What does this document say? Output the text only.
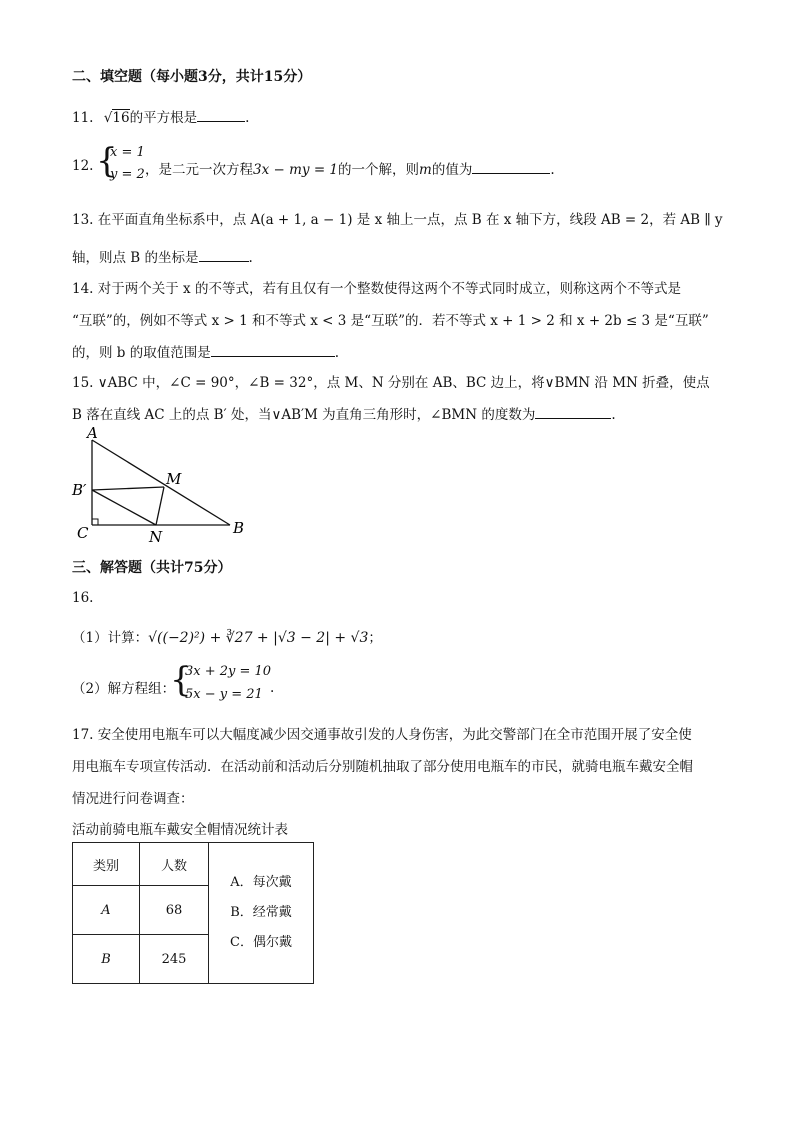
二、填空题（每小题3分，共计15分）
11. √16的平方根是	.
12. {
x = 1
y = 2 ，是二元一次方程3x − my = 1的一个解，则m的值为	.
13. 在平面直角坐标系中，点 A(a + 1, a − 1) 是 x 轴上一点，点 B 在 x 轴下方，线段 AB = 2，若 AB ∥ y
轴，则点 B 的坐标是	.
14. 对于两个关于 x 的不等式，若有且仅有一个整数使得这两个不等式同时成立，则称这两个不等式是
“互联”的，例如不等式 x > 1 和不等式 x < 3 是“互联”的．若不等式 x + 1 > 2 和 x + 2b ≤ 3 是“互联”
的，则 b 的取值范围是	.
15. ∨ABC 中，∠C = 90°，∠B = 32°，点 M、N 分别在 AB、BC 边上，将∨BMN 沿 MN 折叠，使点
B 落在直线 AC 上的点 B′ 处，当∨AB′M 为直角三角形时，∠BMN 的度数为	.
A
B′
M
C	N	B
三、解答题（共计75分）
16.
（1）计算：√((−2)²) + ∛27 + |√3 − 2| + √3；
（2）解方程组：
{
3x + 2y = 10
5x − y = 21 .
17. 安全使用电瓶车可以大幅度减少因交通事故引发的人身伤害，为此交警部门在全市范围开展了安全使
用电瓶车专项宣传活动．在活动前和活动后分别随机抽取了部分使用电瓶车的市民，就骑电瓶车戴安全帽
情况进行问卷调查：
活动前骑电瓶车戴安全帽情况统计表
类别	人数	A．每次戴
B．经常戴
C．偶尔戴

A	68	
B	245	
